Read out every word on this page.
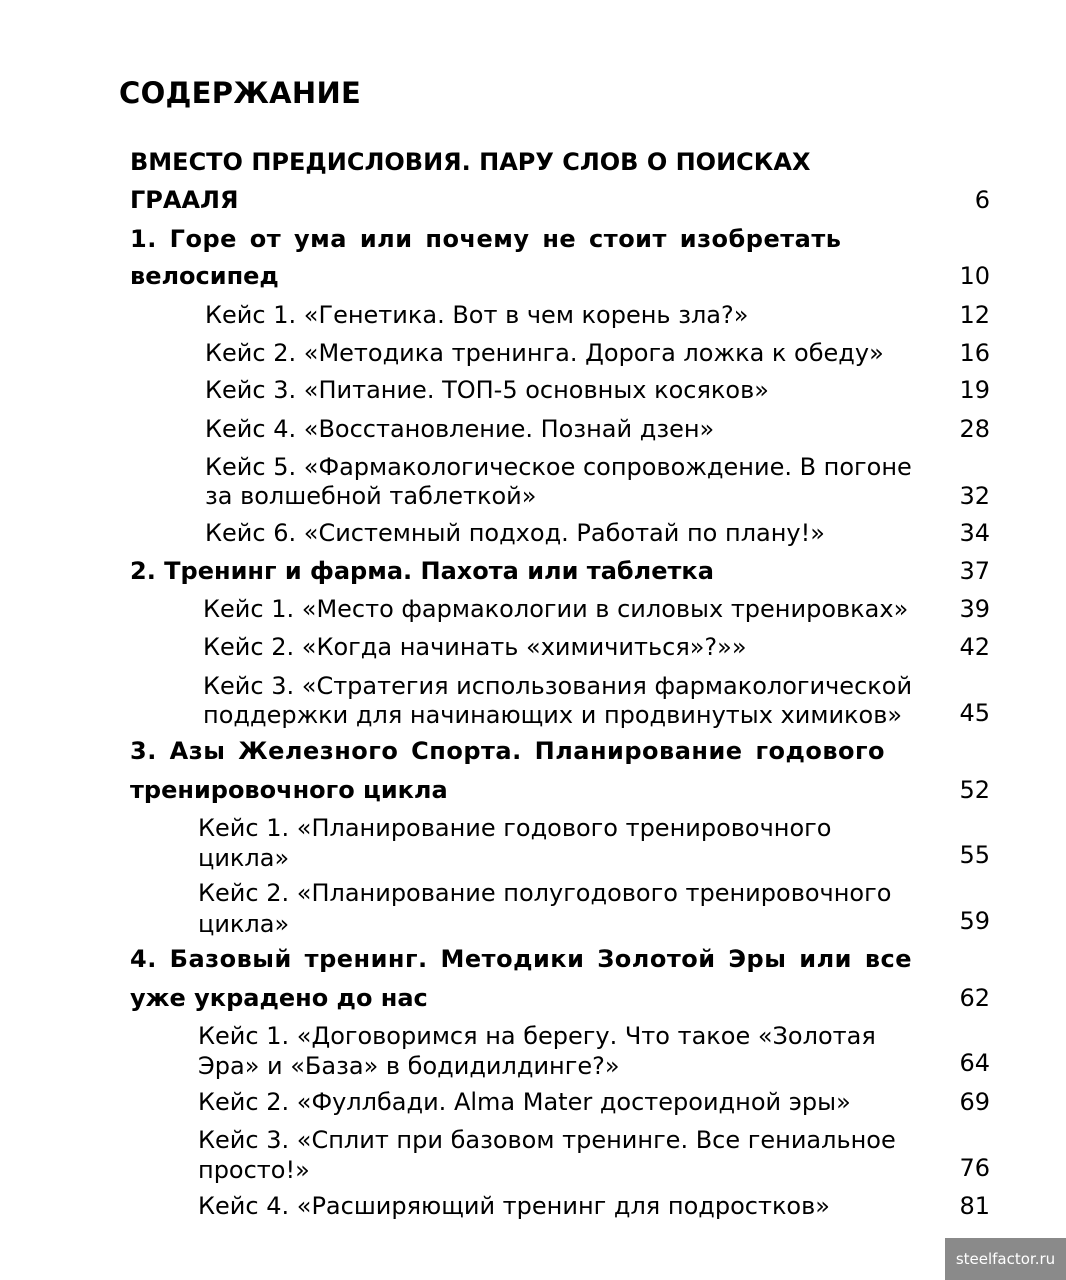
СОДЕРЖАНИЕ
ВМЕСТО ПРЕДИСЛОВИЯ. ПАРУ СЛОВ О ПОИСКАХ
ГРААЛЯ	6
1. Горе от ума или почему не стоит изобретать
велосипед	10
Кейс 1. «Генетика. Вот в чем корень зла?»	12
Кейс 2. «Методика тренинга. Дорога ложка к обеду»	16
Кейс 3. «Питание. ТОП-5 основных косяков»	19
Кейс 4. «Восстановление. Познай дзен»	28
Кейс 5. «Фармакологическое сопровождение. В погоне
за волшебной таблеткой»	32
Кейс 6. «Системный подход. Работай по плану!»	34
2. Тренинг и фарма. Пахота или таблетка	37
Кейс 1. «Место фармакологии в силовых тренировках»	39
Кейс 2. «Когда начинать «химичиться»?»»	42
Кейс 3. «Стратегия использования фармакологической
поддержки для начинающих и продвинутых химиков»	45
3. Азы Железного Спорта. Планирование годового
тренировочного цикла	52
Кейс 1. «Планирование годового тренировочного
цикла»	55
Кейс 2. «Планирование полугодового тренировочного
цикла»	59
4. Базовый тренинг. Методики Золотой Эры или все
уже украдено до нас	62
Кейс 1. «Договоримся на берегу. Что такое «Золотая
Эра» и «База» в бодидилдинге?»	64
Кейс 2. «Фуллбади. Alma Mater достероидной эры»	69
Кейс 3. «Сплит при базовом тренинге. Все гениальное
просто!»	76
Кейс 4. «Расширяющий тренинг для подростков»	81
steelfactor.ru
